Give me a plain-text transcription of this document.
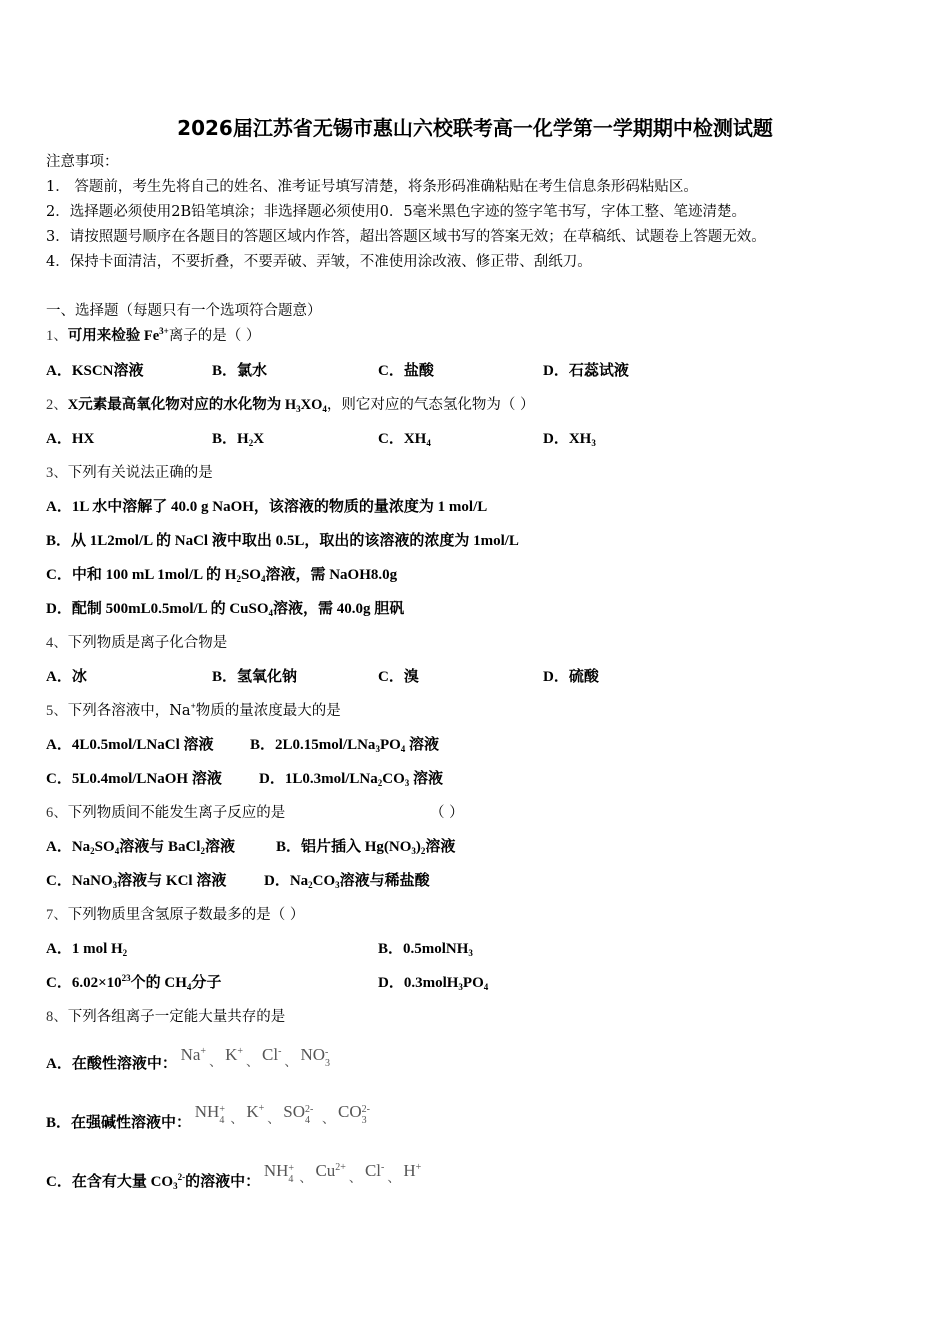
2026届江苏省无锡市惠山六校联考高一化学第一学期期中检测试题
注意事项：
1． 答题前，考生先将自己的姓名、准考证号填写清楚，将条形码准确粘贴在考生信息条形码粘贴区。
2．选择题必须使用2B铅笔填涂；非选择题必须使用0．5毫米黑色字迹的签字笔书写，字体工整、笔迹清楚。
3．请按照题号顺序在各题目的答题区域内作答，超出答题区域书写的答案无效；在草稿纸、试题卷上答题无效。
4．保持卡面清洁，不要折叠，不要弄破、弄皱，不准使用涂改液、修正带、刮纸刀。
一、选择题（每题只有一个选项符合题意）
1、可用来检验 $Fe^{3+}$离子的是（ ）
A．KSCN溶液	B．氯水	C．盐酸	D．石蕊试液
2、X元素最高氧化物对应的水化物为 $H_3XO_4$，则它对应的气态氢化物为（ ）
A．HX	B．$H_2X$	C．$XH_4$	D．$XH_3$
3、下列有关说法正确的是
A．1L 水中溶解了 40.0 g NaOH，该溶液的物质的量浓度为 1 mol/L
B．从 1L2mol/L 的 NaCl 液中取出 0.5L，取出的该溶液的浓度为 1mol/L
C．中和 100 mL 1mol/L 的 $H_2SO_4$溶液，需 NaOH8.0g
D．配制 500mL0.5mol/L 的 CuSO$_4$溶液，需 40.0g 胆矾
4、下列物质是离子化合物是
A．冰	B．氢氧化钠	C．溴	D．硫酸
5、下列各溶液中，Na+物质的量浓度最大的是
A．4L0.5mol/LNaCl 溶液 B．$2L0.15mol/LNa_3PO_4$ 溶液
C．5L0.4mol/LNaOH 溶液 D．$1L0.3mol/LNa_2CO_3$ 溶液
6、下列物质间不能发生离子反应的是	（ ）
A．$Na_2SO_4$溶液与 BaCl$_2$溶液	B．铝片插入 $Hg(NO_3)_2$溶液
C．NaNO$_3$溶液与 KCl 溶液	D．$Na_2CO_3$溶液与稀盐酸
7、下列物质里含氢原子数最多的是（ ）
A．1 mol $H_2$	B．0.5molNH$_3$
C．$6.02\times 10^{23}$个的 $CH_4$分子	D．$0.3molH_3PO_4$
8、下列各组离子一定能大量共存的是
A．在酸性溶液中： $Na^+_、$ $K^+_、$ $Cl^-_、$ NO -
3
B．在强碱性溶液中： NH +
4 $_、$ $K^+_、$ SO 2-
4 $_、$ CO 2-
3
C．在含有大量 $CO_3^{2-}$的溶液中： NH +
4 $_、$ $Cu^{2+}_、$ $Cl^-_、$ H+
